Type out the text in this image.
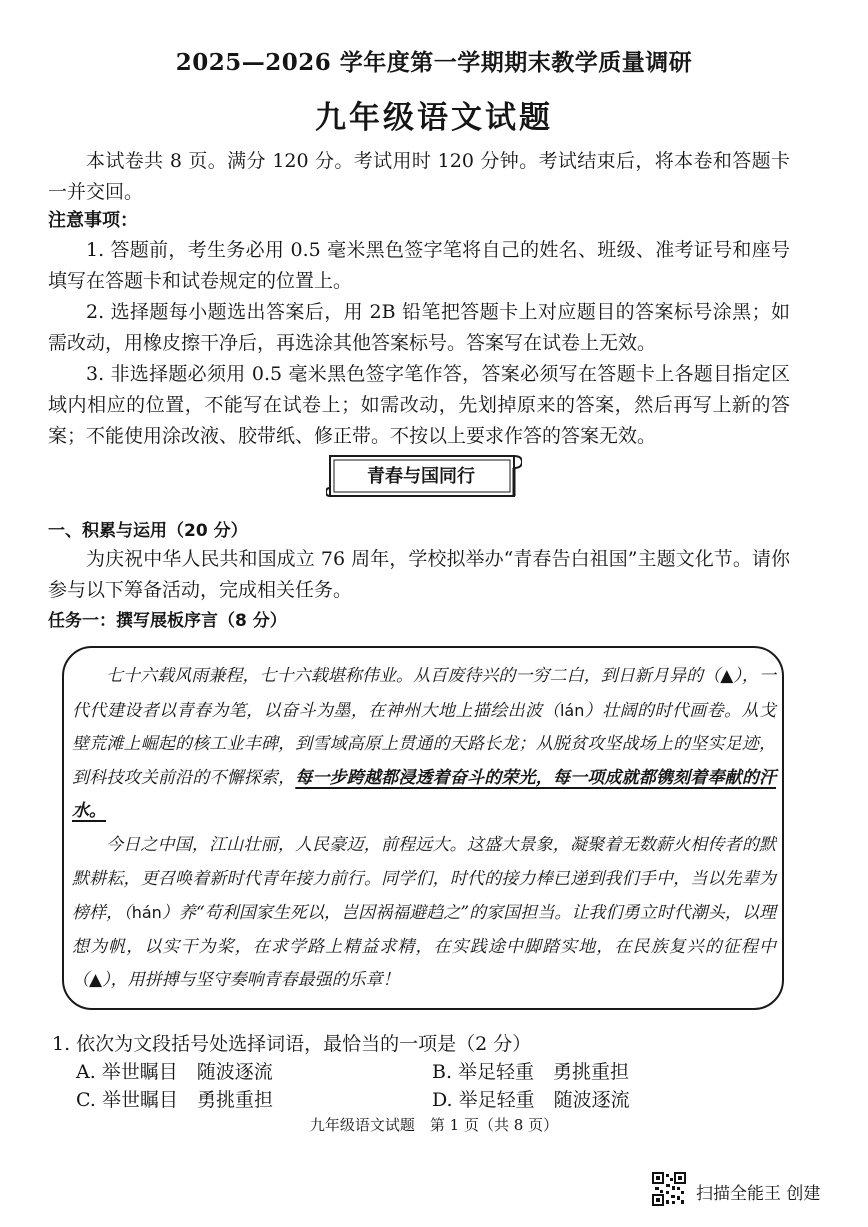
2025—2026 学年度第一学期期末教学质量调研
九年级语文试题
本试卷共 8 页。满分 120 分。考试用时 120 分钟。考试结束后，将本卷和答题卡一并交回。
注意事项：
1. 答题前，考生务必用 0.5 毫米黑色签字笔将自己的姓名、班级、准考证号和座号填写在答题卡和试卷规定的位置上。
2. 选择题每小题选出答案后，用 2B 铅笔把答题卡上对应题目的答案标号涂黑；如需改动，用橡皮擦干净后，再选涂其他答案标号。答案写在试卷上无效。
3. 非选择题必须用 0.5 毫米黑色签字笔作答，答案必须写在答题卡上各题目指定区域内相应的位置，不能写在试卷上；如需改动，先划掉原来的答案，然后再写上新的答案；不能使用涂改液、胶带纸、修正带。不按以上要求作答的答案无效。
青春与国同行
一、积累与运用（20 分）
为庆祝中华人民共和国成立 76 周年，学校拟举办“青春告白祖国”主题文化节。请你参与以下筹备活动，完成相关任务。
任务一：撰写展板序言（8 分）
七十六载风雨兼程，七十六载堪称伟业。从百废待兴的一穷二白，到日新月异的（▲），一代代建设者以青春为笔，以奋斗为墨，在神州大地上描绘出波（lán）壮阔的时代画卷。从戈壁荒滩上崛起的核工业丰碑，到雪域高原上贯通的天路长龙；从脱贫攻坚战场上的坚实足迹，到科技攻关前沿的不懈探索，每一步跨越都浸透着奋斗的荣光，每一项成就都镌刻着奉献的汗水。
今日之中国，江山壮丽，人民豪迈，前程远大。这盛大景象，凝聚着无数薪火相传者的默默耕耘，更召唤着新时代青年接力前行。同学们，时代的接力棒已递到我们手中，当以先辈为榜样，（hán）养“苟利国家生死以，岂因祸福避趋之”的家国担当。让我们勇立时代潮头，以理想为帆，以实干为桨，在求学路上精益求精，在实践途中脚踏实地，在民族复兴的征程中（▲），用拼搏与坚守奏响青春最强的乐章！
1. 依次为文段括号处选择词语，最恰当的一项是（2 分）
A. 举世瞩目　随波逐流	B. 举足轻重　勇挑重担
C. 举世瞩目　勇挑重担	D. 举足轻重　随波逐流
九年级语文试题　第 1 页（共 8 页）
扫描全能王 创建
